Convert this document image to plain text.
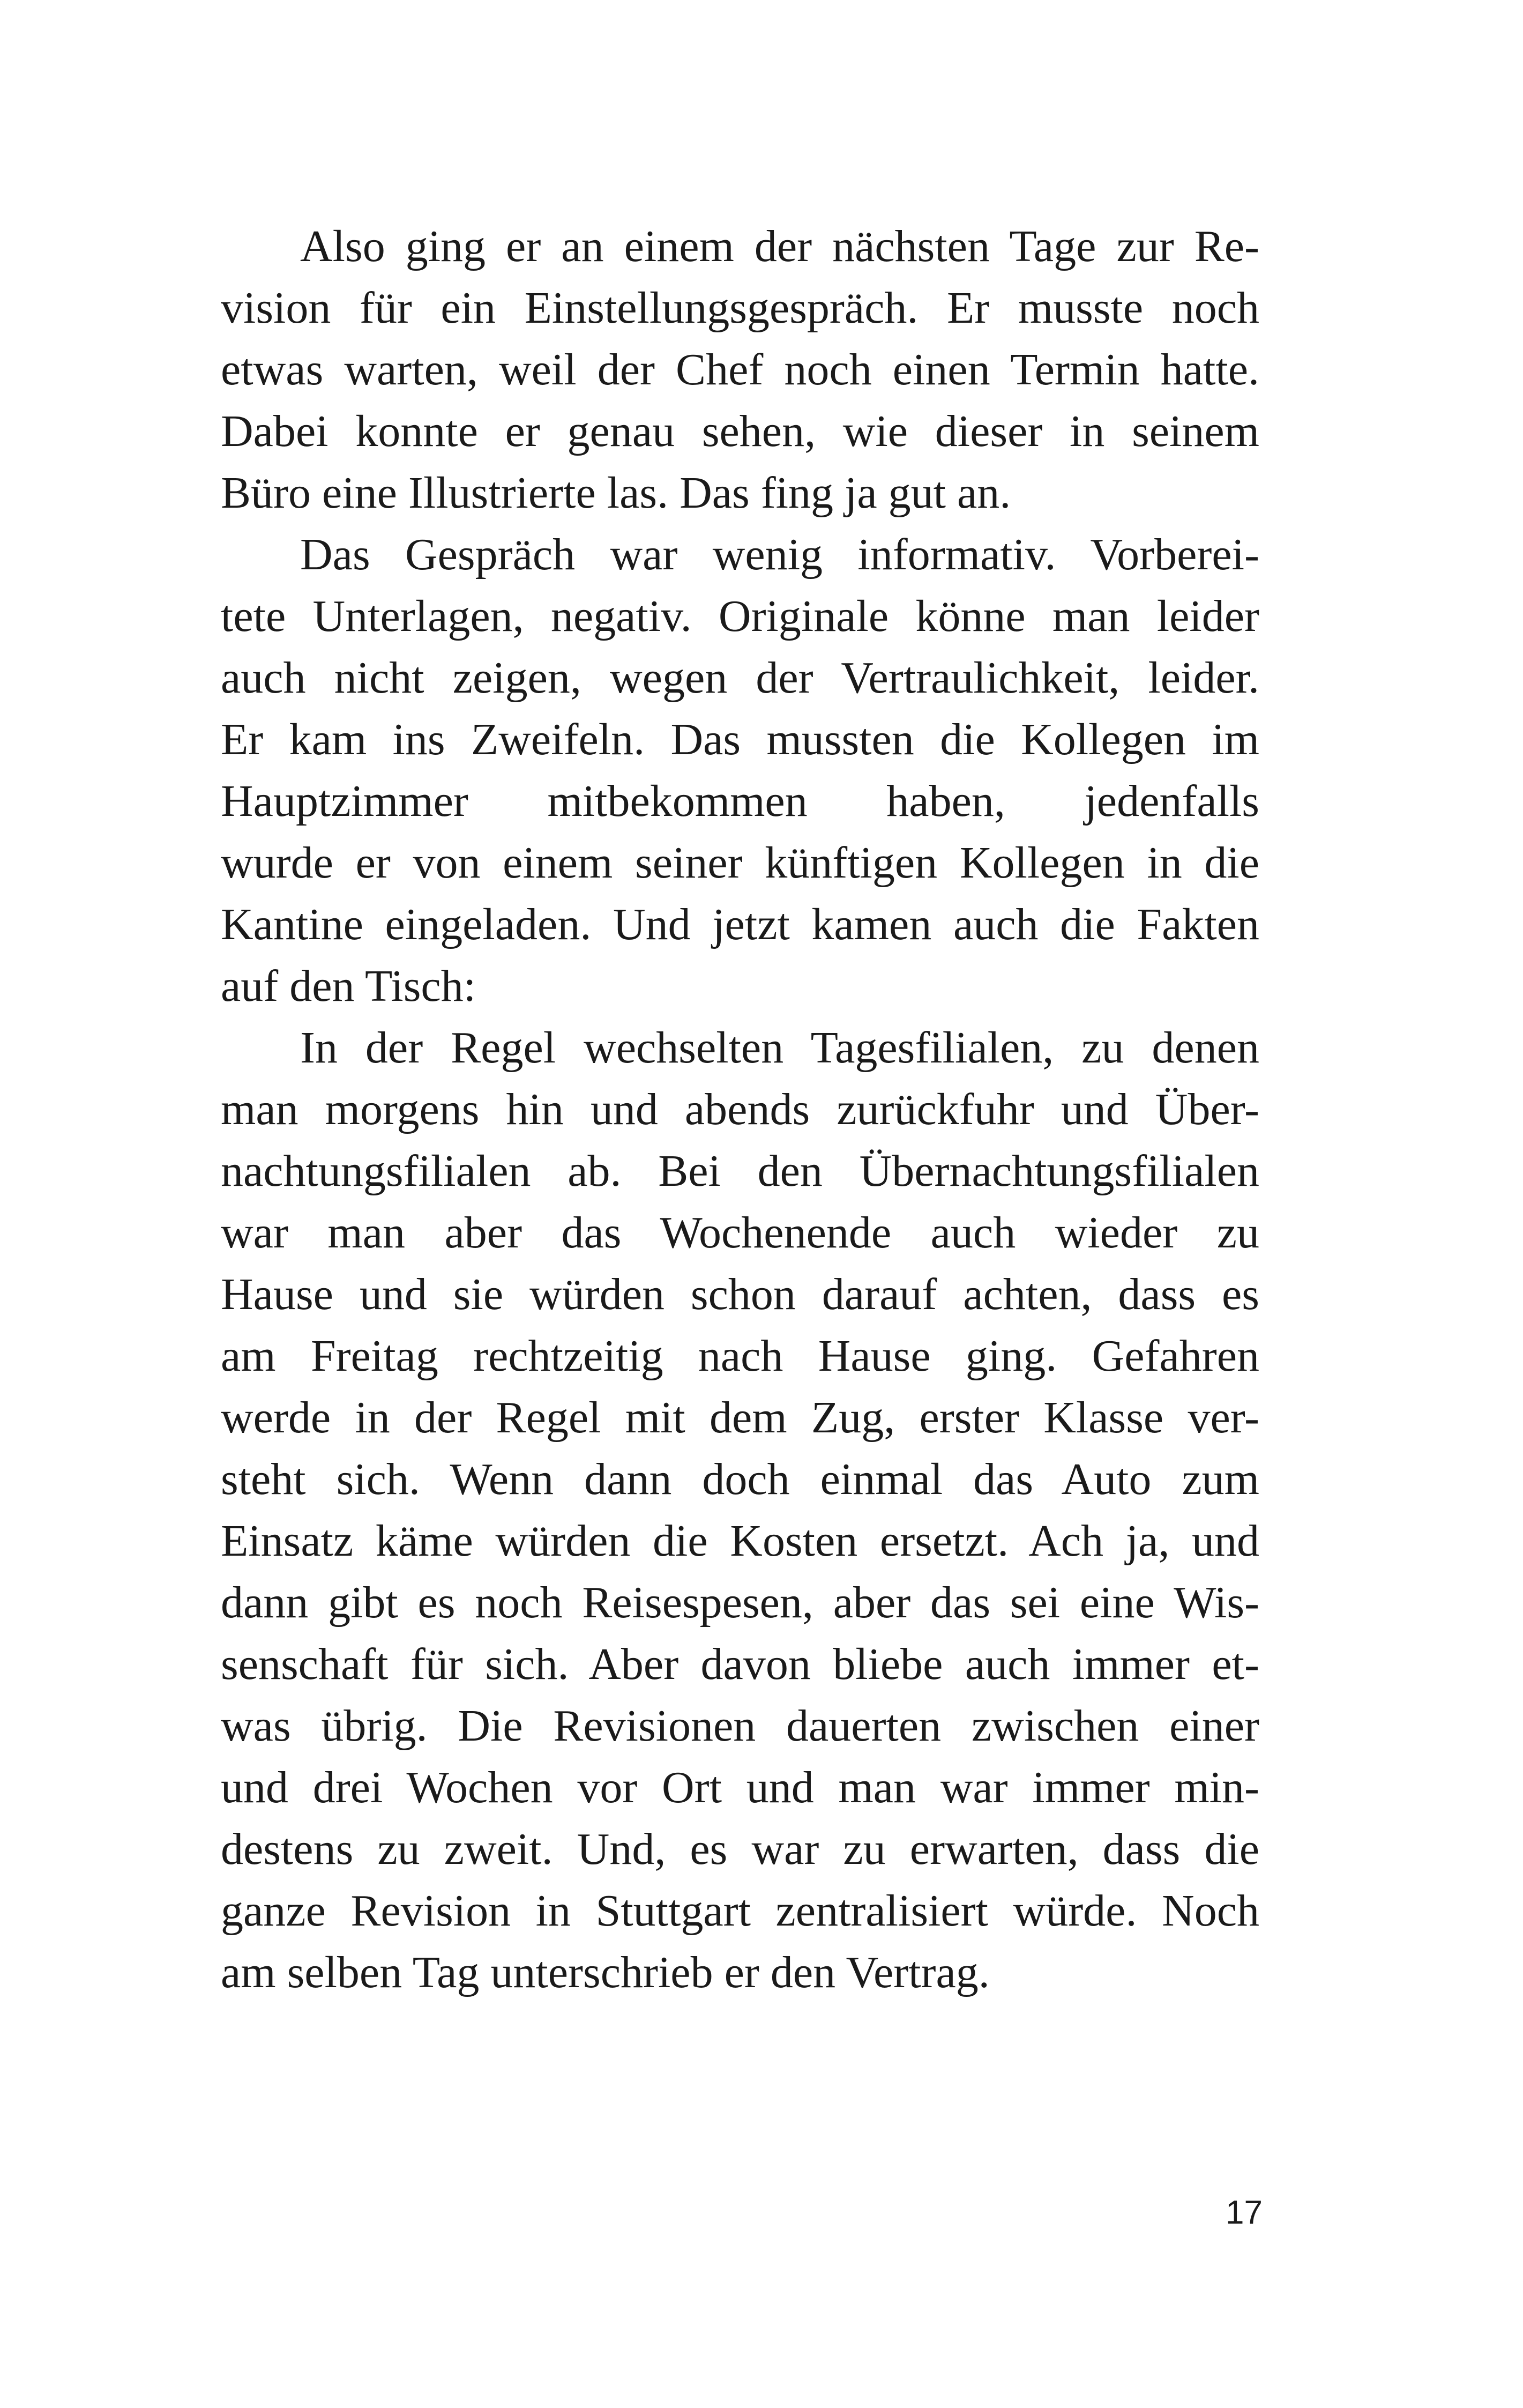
Also ging er an einem der nächsten Tage zur Re-
vision für ein Einstellungsgespräch. Er musste noch
etwas warten, weil der Chef noch einen Termin hatte.
Dabei konnte er genau sehen, wie dieser in seinem
Büro eine Illustrierte las. Das fing ja gut an.
Das Gespräch war wenig informativ. Vorberei-
tete Unterlagen, negativ. Originale könne man leider
auch nicht zeigen, wegen der Vertraulichkeit, leider.
Er kam ins Zweifeln. Das mussten die Kollegen im
Hauptzimmer mitbekommen haben, jedenfalls
wurde er von einem seiner künftigen Kollegen in die
Kantine eingeladen. Und jetzt kamen auch die Fakten
auf den Tisch:
In der Regel wechselten Tagesfilialen, zu denen
man morgens hin und abends zurückfuhr und Über-
nachtungsfilialen ab. Bei den Übernachtungsfilialen
war man aber das Wochenende auch wieder zu
Hause und sie würden schon darauf achten, dass es
am Freitag rechtzeitig nach Hause ging. Gefahren
werde in der Regel mit dem Zug, erster Klasse ver-
steht sich. Wenn dann doch einmal das Auto zum
Einsatz käme würden die Kosten ersetzt. Ach ja, und
dann gibt es noch Reisespesen, aber das sei eine Wis-
senschaft für sich. Aber davon bliebe auch immer et-
was übrig. Die Revisionen dauerten zwischen einer
und drei Wochen vor Ort und man war immer min-
destens zu zweit. Und, es war zu erwarten, dass die
ganze Revision in Stuttgart zentralisiert würde. Noch
am selben Tag unterschrieb er den Vertrag.
17
